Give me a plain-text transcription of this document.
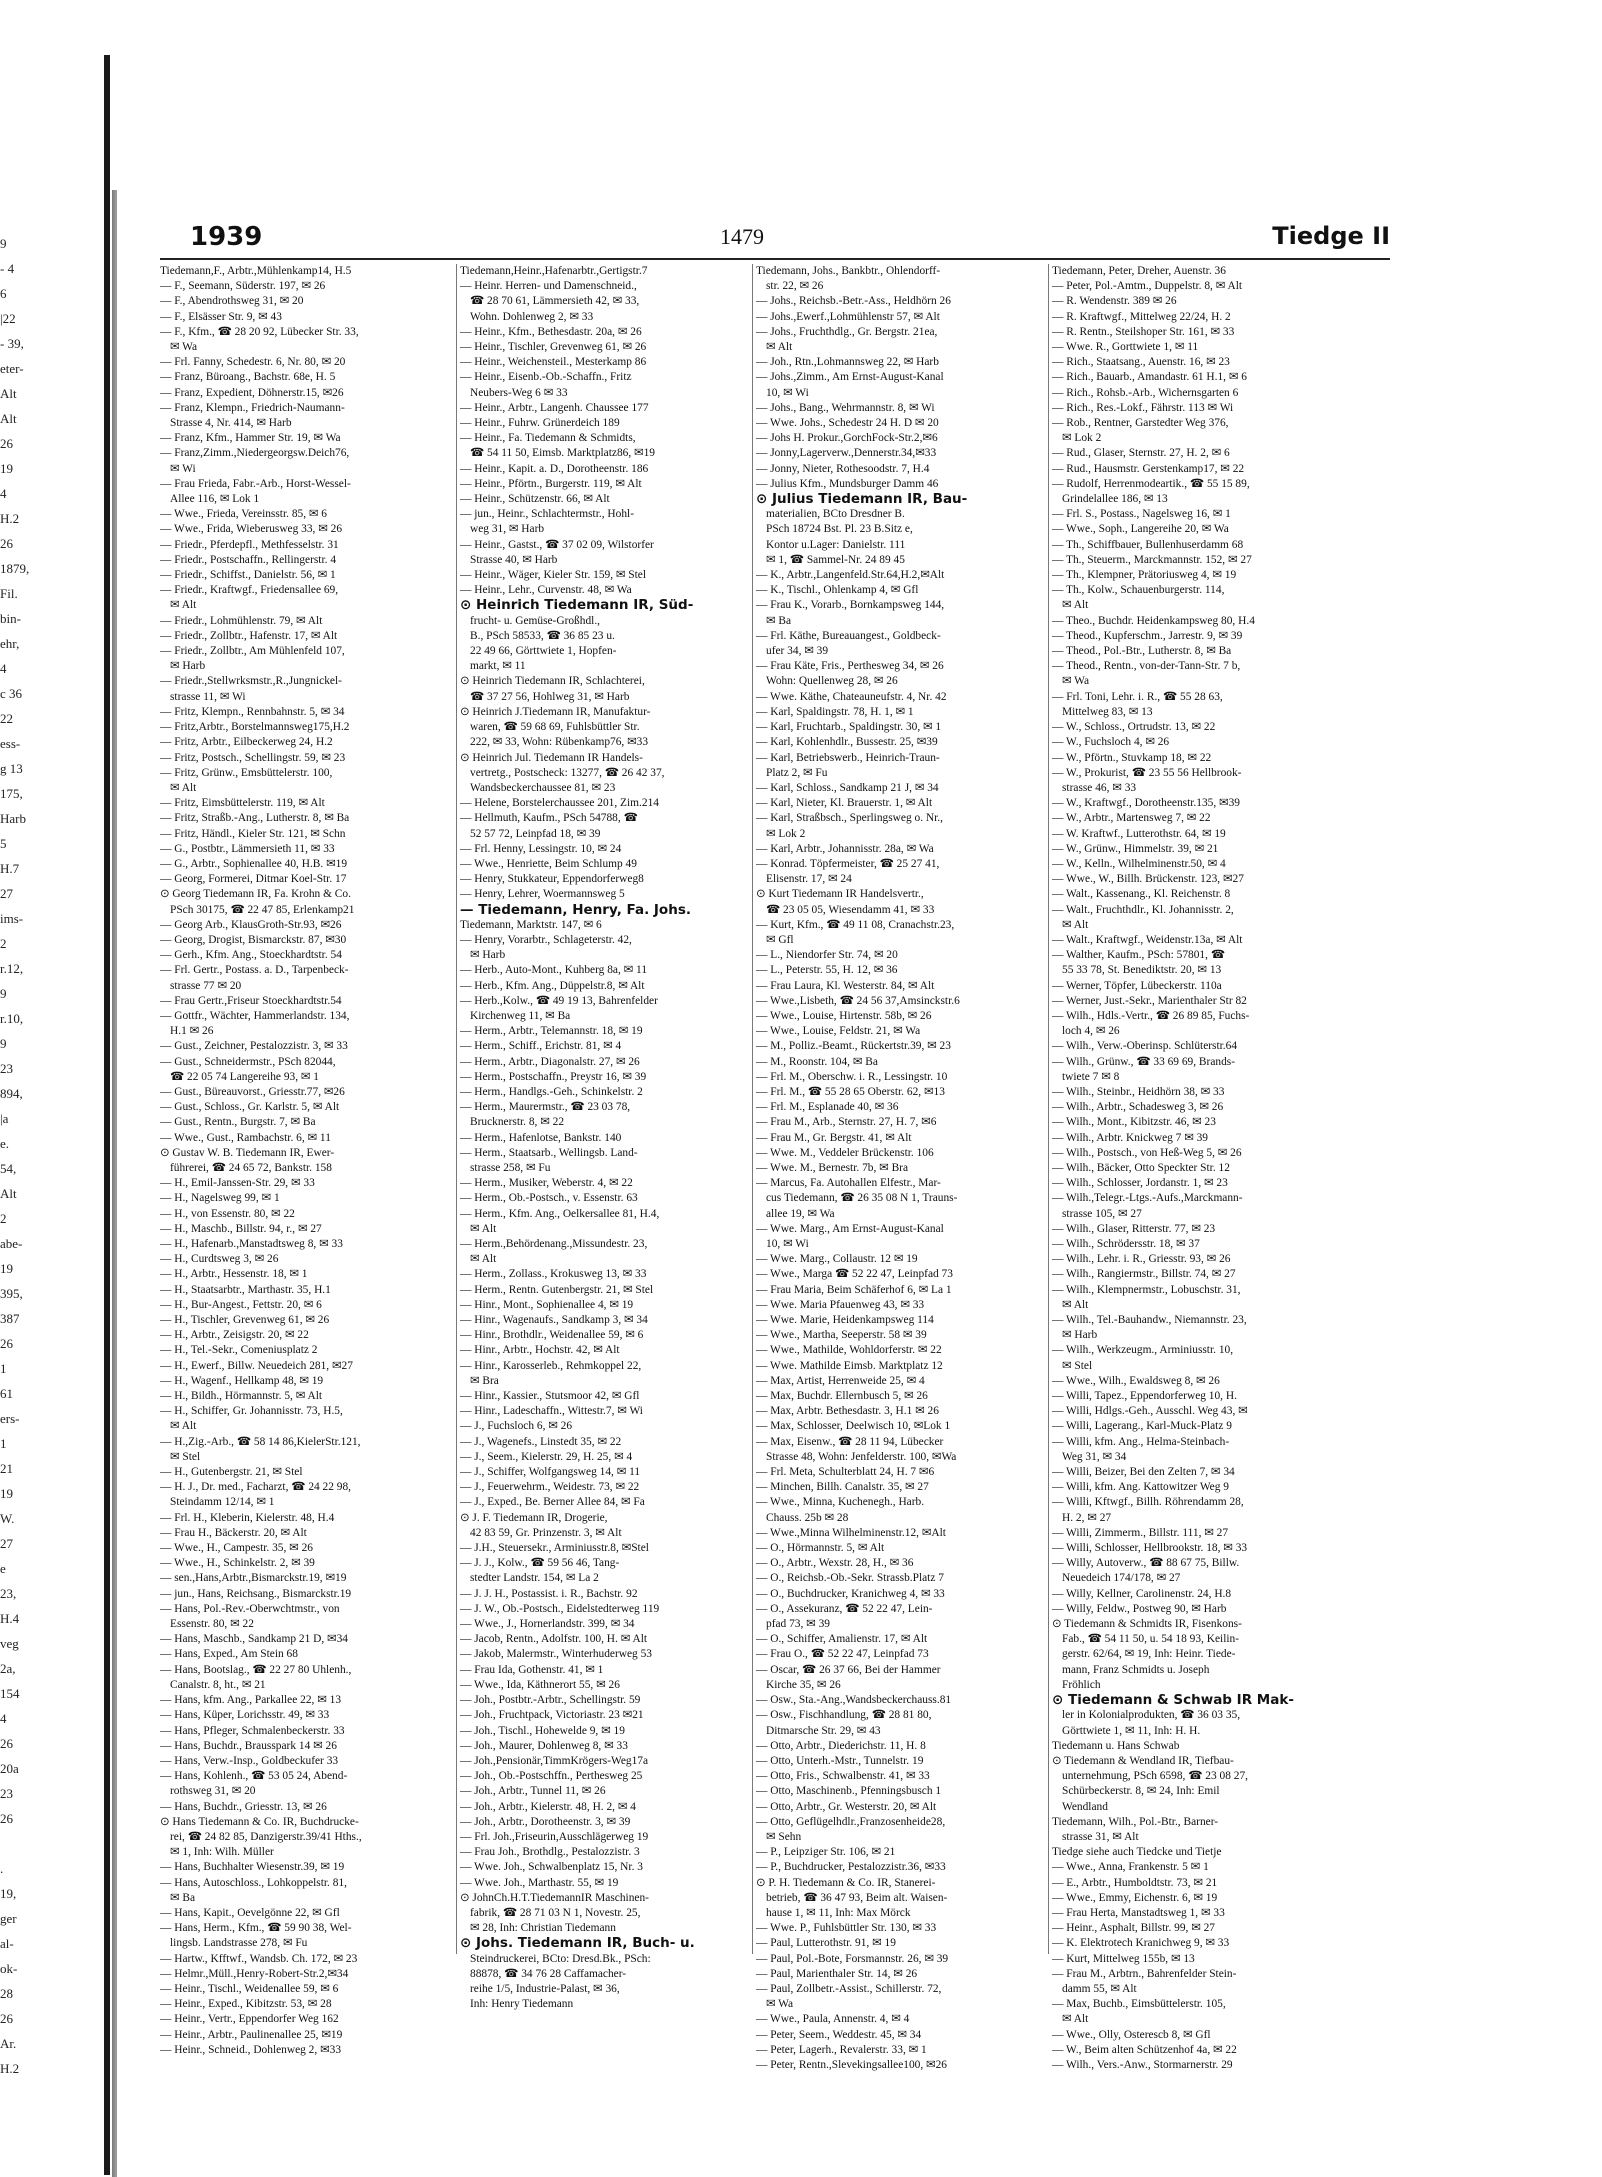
9
- 4
6
|22
- 39,
eter-
Alt
Alt
26
19
4
H.2
26
1879,
Fil.
bin-
ehr,
4
c 36
22
ess-
g 13
175,
Harb
5
H.7
27
ims-
2
r.12,
9
r.10,
9
23
894,
|a
e.
54,
Alt
2
abe-
19
395,
387
26
1
61
ers-
1
21
19
W.
27
e
23,
H.4
veg
2a,
154
4
26
20a
23
26
.
19,
ger
al-
ok-
28
26
Ar.
H.2
1939	1479	Tiedge II
Tiedemann,F., Arbtr.,Mühlenkamp14, H.5
— F., Seemann, Süderstr. 197, ✉ 26
— F., Abendrothsweg 31, ✉ 20
— F., Elsässer Str. 9, ✉ 43
— F., Kfm., ☎ 28 20 92, Lübecker Str. 33,
✉ Wa
— Frl. Fanny, Schedestr. 6, Nr. 80, ✉ 20
— Franz, Büroang., Bachstr. 68e, H. 5
— Franz, Expedient, Döhnerstr.15, ✉26
— Franz, Klempn., Friedrich-Naumann-
Strasse 4, Nr. 414, ✉ Harb
— Franz, Kfm., Hammer Str. 19, ✉ Wa
— Franz,Zimm.,Niedergeorgsw.Deich76,
✉ Wi
— Frau Frieda, Fabr.-Arb., Horst-Wessel-
Allee 116, ✉ Lok 1
— Wwe., Frieda, Vereinsstr. 85, ✉ 6
— Wwe., Frida, Wieberusweg 33, ✉ 26
— Friedr., Pferdepfl., Methfesselstr. 31
— Friedr., Postschaffn., Rellingerstr. 4
— Friedr., Schiffst., Danielstr. 56, ✉ 1
— Friedr., Kraftwgf., Friedensallee 69,
✉ Alt
— Friedr., Lohmühlenstr. 79, ✉ Alt
— Friedr., Zollbtr., Hafenstr. 17, ✉ Alt
— Friedr., Zollbtr., Am Mühlenfeld 107,
✉ Harb
— Friedr.,Stellwrksmstr.,R.,Jungnickel-
strasse 11, ✉ Wi
— Fritz, Klempn., Rennbahnstr. 5, ✉ 34
— Fritz,Arbtr., Borstelmannsweg175,H.2
— Fritz, Arbtr., Eilbeckerweg 24, H.2
— Fritz, Postsch., Schellingstr. 59, ✉ 23
— Fritz, Grünw., Emsbüttelerstr. 100,
✉ Alt
— Fritz, Eimsbüttelerstr. 119, ✉ Alt
— Fritz, Straßb.-Ang., Lutherstr. 8, ✉ Ba
— Fritz, Händl., Kieler Str. 121, ✉ Schn
— G., Postbtr., Lämmersieth 11, ✉ 33
— G., Arbtr., Sophienallee 40, H.B. ✉19
— Georg, Formerei, Ditmar Koel-Str. 17
⊙ Georg Tiedemann IR, Fa. Krohn & Co.
PSch 30175, ☎ 22 47 85, Erlenkamp21
— Georg Arb., KlausGroth-Str.93, ✉26
— Georg, Drogist, Bismarckstr. 87, ✉30
— Gerh., Kfm. Ang., Stoeckhardtstr. 54
— Frl. Gertr., Postass. a. D., Tarpenbeck-
strasse 77 ✉ 20
— Frau Gertr.,Friseur Stoeckhardtstr.54
— Gottfr., Wächter, Hammerlandstr. 134,
H.1 ✉ 26
— Gust., Zeichner, Pestalozzistr. 3, ✉ 33
— Gust., Schneidermstr., PSch 82044,
☎ 22 05 74 Langereihe 93, ✉ 1
— Gust., Büreauvorst., Griesstr.77, ✉26
— Gust., Schloss., Gr. Karlstr. 5, ✉ Alt
— Gust., Rentn., Burgstr. 7, ✉ Ba
— Wwe., Gust., Rambachstr. 6, ✉ 11
⊙ Gustav W. B. Tiedemann IR, Ewer-
führerei, ☎ 24 65 72, Bankstr. 158
— H., Emil-Janssen-Str. 29, ✉ 33
— H., Nagelsweg 99, ✉ 1
— H., von Essenstr. 80, ✉ 22
— H., Maschb., Billstr. 94, r., ✉ 27
— H., Hafenarb.,Manstadtsweg 8, ✉ 33
— H., Curdtsweg 3, ✉ 26
— H., Arbtr., Hessenstr. 18, ✉ 1
— H., Staatsarbtr., Marthastr. 35, H.1
— H., Bur-Angest., Fettstr. 20, ✉ 6
— H., Tischler, Grevenweg 61, ✉ 26
— H., Arbtr., Zeisigstr. 20, ✉ 22
— H., Tel.-Sekr., Comeniusplatz 2
— H., Ewerf., Billw. Neuedeich 281, ✉27
— H., Wagenf., Hellkamp 48, ✉ 19
— H., Bildh., Hörmannstr. 5, ✉ Alt
— H., Schiffer, Gr. Johannisstr. 73, H.5,
✉ Alt
— H.,Zig.-Arb., ☎ 58 14 86,KielerStr.121,
✉ Stel
— H., Gutenbergstr. 21, ✉ Stel
— H. J., Dr. med., Facharzt, ☎ 24 22 98,
Steindamm 12/14, ✉ 1
— Frl. H., Kleberin, Kielerstr. 48, H.4
— Frau H., Bäckerstr. 20, ✉ Alt
— Wwe., H., Campestr. 35, ✉ 26
— Wwe., H., Schinkelstr. 2, ✉ 39
— sen.,Hans,Arbtr.,Bismarckstr.19, ✉19
— jun., Hans, Reichsang., Bismarckstr.19
— Hans, Pol.-Rev.-Oberwchtmstr., von
Essenstr. 80, ✉ 22
— Hans, Maschb., Sandkamp 21 D, ✉34
— Hans, Exped., Am Stein 68
— Hans, Bootslag., ☎ 22 27 80 Uhlenh.,
Canalstr. 8, ht., ✉ 21
— Hans, kfm. Ang., Parkallee 22, ✉ 13
— Hans, Küper, Lorichsstr. 49, ✉ 33
— Hans, Pfleger, Schmalenbeckerstr. 33
— Hans, Buchdr., Brausspark 14 ✉ 26
— Hans, Verw.-Insp., Goldbeckufer 33
— Hans, Kohlenh., ☎ 53 05 24, Abend-
rothsweg 31, ✉ 20
— Hans, Buchdr., Griesstr. 13, ✉ 26
⊙ Hans Tiedemann & Co. IR, Buchdrucke-
rei, ☎ 24 82 85, Danzigerstr.39/41 Hths.,
✉ 1, Inh: Wilh. Müller
— Hans, Buchhalter Wiesenstr.39, ✉ 19
— Hans, Autoschloss., Lohkoppelstr. 81,
✉ Ba
— Hans, Kapit., Oevelgönne 22, ✉ Gfl
— Hans, Herm., Kfm., ☎ 59 90 38, Wel-
lingsb. Landstrasse 278, ✉ Fu
— Hartw., Kfftwf., Wandsb. Ch. 172, ✉ 23
— Helmr.,Müll.,Henry-Robert-Str.2,✉34
— Heinr., Tischl., Weidenallee 59, ✉ 6
— Heinr., Exped., Kibitzstr. 53, ✉ 28
— Heinr., Vertr., Eppendorfer Weg 162
— Heinr., Arbtr., Paulinenallee 25, ✉19
— Heinr., Schneid., Dohlenweg 2, ✉33
Tiedemann,Heinr.,Hafenarbtr.,Gertigstr.7
— Heinr. Herren- und Damenschneid.,
☎ 28 70 61, Lämmersieth 42, ✉ 33,
Wohn. Dohlenweg 2, ✉ 33
— Heinr., Kfm., Bethesdastr. 20a, ✉ 26
— Heinr., Tischler, Grevenweg 61, ✉ 26
— Heinr., Weichensteil., Mesterkamp 86
— Heinr., Eisenb.-Ob.-Schaffn., Fritz
Neubers-Weg 6 ✉ 33
— Heinr., Arbtr., Langenh. Chaussee 177
— Heinr., Fuhrw. Grünerdeich 189
— Heinr., Fa. Tiedemann & Schmidts,
☎ 54 11 50, Eimsb. Marktplatz86, ✉19
— Heinr., Kapit. a. D., Dorotheenstr. 186
— Heinr., Pförtn., Burgerstr. 119, ✉ Alt
— Heinr., Schützenstr. 66, ✉ Alt
— jun., Heinr., Schlachtermstr., Hohl-
weg 31, ✉ Harb
— Heinr., Gastst., ☎ 37 02 09, Wilstorfer
Strasse 40, ✉ Harb
— Heinr., Wäger, Kieler Str. 159, ✉ Stel
— Heinr., Lehr., Curvenstr. 48, ✉ Wa
⊙ Heinrich Tiedemann IR, Süd-
frucht- u. Gemüse-Großhdl.,
B., PSch 58533, ☎ 36 85 23 u.
22 49 66, Görttwiete 1, Hopfen-
markt, ✉ 11
⊙ Heinrich Tiedemann IR, Schlachterei,
☎ 37 27 56, Hohlweg 31, ✉ Harb
⊙ Heinrich J.Tiedemann IR, Manufaktur-
waren, ☎ 59 68 69, Fuhlsbüttler Str.
222, ✉ 33, Wohn: Rübenkamp76, ✉33
⊙ Heinrich Jul. Tiedemann IR Handels-
vertretg., Postscheck: 13277, ☎ 26 42 37,
Wandsbeckerchaussee 81, ✉ 23
— Helene, Borstelerchaussee 201, Zim.214
— Hellmuth, Kaufm., PSch 54788, ☎
52 57 72, Leinpfad 18, ✉ 39
— Frl. Henny, Lessingstr. 10, ✉ 24
— Wwe., Henriette, Beim Schlump 49
— Henry, Stukkateur, Eppendorferweg8
— Henry, Lehrer, Woermannsweg 5
— Tiedemann, Henry, Fa. Johs.
Tiedemann, Marktstr. 147, ✉ 6
— Henry, Vorarbtr., Schlageterstr. 42,
✉ Harb
— Herb., Auto-Mont., Kuhberg 8a, ✉ 11
— Herb., Kfm. Ang., Düppelstr.8, ✉ Alt
— Herb.,Kolw., ☎ 49 19 13, Bahrenfelder
Kirchenweg 11, ✉ Ba
— Herm., Arbtr., Telemannstr. 18, ✉ 19
— Herm., Schiff., Erichstr. 81, ✉ 4
— Herm., Arbtr., Diagonalstr. 27, ✉ 26
— Herm., Postschaffn., Preystr 16, ✉ 39
— Herm., Handlgs.-Geh., Schinkelstr. 2
— Herm., Maurermstr., ☎ 23 03 78,
Brucknerstr. 8, ✉ 22
— Herm., Hafenlotse, Bankstr. 140
— Herm., Staatsarb., Wellingsb. Land-
strasse 258, ✉ Fu
— Herm., Musiker, Weberstr. 4, ✉ 22
— Herm., Ob.-Postsch., v. Essenstr. 63
— Herm., Kfm. Ang., Oelkersallee 81, H.4,
✉ Alt
— Herm.,Behördenang.,Missundestr. 23,
✉ Alt
— Herm., Zollass., Krokusweg 13, ✉ 33
— Herm., Rentn. Gutenbergstr. 21, ✉ Stel
— Hinr., Mont., Sophienallee 4, ✉ 19
— Hinr., Wagenaufs., Sandkamp 3, ✉ 34
— Hinr., Brothdlr., Weidenallee 59, ✉ 6
— Hinr., Arbtr., Hochstr. 42, ✉ Alt
— Hinr., Karosserleb., Rehmkoppel 22,
✉ Bra
— Hinr., Kassier., Stutsmoor 42, ✉ Gfl
— Hinr., Ladeschaffn., Wittestr.7, ✉ Wi
— J., Fuchsloch 6, ✉ 26
— J., Wagenefs., Linstedt 35, ✉ 22
— J., Seem., Kielerstr. 29, H. 25, ✉ 4
— J., Schiffer, Wolfgangsweg 14, ✉ 11
— J., Feuerwehrm., Weidestr. 73, ✉ 22
— J., Exped., Be. Berner Allee 84, ✉ Fa
⊙ J. F. Tiedemann IR, Drogerie,
42 83 59, Gr. Prinzenstr. 3, ✉ Alt
— J.H., Steuersekr., Arminiusstr.8, ✉Stel
— J. J., Kolw., ☎ 59 56 46, Tang-
stedter Landstr. 154, ✉ La 2
— J. J. H., Postassist. i. R., Bachstr. 92
— J. W., Ob.-Postsch., Eidelstedterweg 119
— Wwe., J., Hornerlandstr. 399, ✉ 34
— Jacob, Rentn., Adolfstr. 100, H. ✉ Alt
— Jakob, Malermstr., Winterhuderweg 53
— Frau Ida, Gothenstr. 41, ✉ 1
— Wwe., Ida, Käthnerort 55, ✉ 26
— Joh., Postbtr.-Arbtr., Schellingstr. 59
— Joh., Fruchtpack, Victoriastr. 23 ✉21
— Joh., Tischl., Hohewelde 9, ✉ 19
— Joh., Maurer, Dohlenweg 8, ✉ 33
— Joh.,Pensionär,TimmKrögers-Weg17a
— Joh., Ob.-Postschffn., Perthesweg 25
— Joh., Arbtr., Tunnel 11, ✉ 26
— Joh., Arbtr., Kielerstr. 48, H. 2, ✉ 4
— Joh., Arbtr., Dorotheenstr. 3, ✉ 39
— Frl. Joh.,Friseurin,Ausschlägerweg 19
— Frau Joh., Brothdlg., Pestalozzistr. 3
— Wwe. Joh., Schwalbenplatz 15, Nr. 3
— Wwe. Joh., Marthastr. 55, ✉ 19
⊙ JohnCh.H.T.TiedemannIR Maschinen-
fabrik, ☎ 28 71 03 N 1, Novestr. 25,
✉ 28, Inh: Christian Tiedemann
⊙ Johs. Tiedemann IR, Buch- u.
Steindruckerei, BCto: Dresd.Bk., PSch:
88878, ☎ 34 76 28 Caffamacher-
reihe 1/5, Industrie-Palast, ✉ 36,
Inh: Henry Tiedemann
Tiedemann, Johs., Bankbtr., Ohlendorff-
str. 22, ✉ 26
— Johs., Reichsb.-Betr.-Ass., Heldhörn 26
— Johs.,Ewerf.,Lohmühlenstr 57, ✉ Alt
— Johs., Fruchthdlg., Gr. Bergstr. 21ea,
✉ Alt
— Joh., Rtn.,Lohmannsweg 22, ✉ Harb
— Johs.,Zimm., Am Ernst-August-Kanal
10, ✉ Wi
— Johs., Bang., Wehrmannstr. 8, ✉ Wi
— Wwe. Johs., Schedestr 24 H. D ✉ 20
— Johs H. Prokur.,GorchFock-Str.2,✉6
— Jonny,Lagerverw.,Dennerstr.34,✉33
— Jonny, Nieter, Rothesoodstr. 7, H.4
— Julius Kfm., Mundsburger Damm 46
⊙ Julius Tiedemann IR, Bau-
materialien, BCto Dresdner B.
PSch 18724 Bst. Pl. 23 B.Sitz e,
Kontor u.Lager: Danielstr. 111
✉ 1, ☎ Sammel-Nr. 24 89 45
— K., Arbtr.,Langenfeld.Str.64,H.2,✉Alt
— K., Tischl., Ohlenkamp 4, ✉ Gfl
— Frau K., Vorarb., Bornkampsweg 144,
✉ Ba
— Frl. Käthe, Bureauangest., Goldbeck-
ufer 34, ✉ 39
— Frau Käte, Fris., Perthesweg 34, ✉ 26
Wohn: Quellenweg 28, ✉ 26
— Wwe. Käthe, Chateauneufstr. 4, Nr. 42
— Karl, Spaldingstr. 78, H. 1, ✉ 1
— Karl, Fruchtarb., Spaldingstr. 30, ✉ 1
— Karl, Kohlenhdlr., Bussestr. 25, ✉39
— Karl, Betriebswerb., Heinrich-Traun-
Platz 2, ✉ Fu
— Karl, Schloss., Sandkamp 21 J, ✉ 34
— Karl, Nieter, Kl. Brauerstr. 1, ✉ Alt
— Karl, Straßbsch., Sperlingsweg o. Nr.,
✉ Lok 2
— Karl, Arbtr., Johannisstr. 28a, ✉ Wa
— Konrad. Töpfermeister, ☎ 25 27 41,
Elisenstr. 17, ✉ 24
⊙ Kurt Tiedemann IR Handelsvertr.,
☎ 23 05 05, Wiesendamm 41, ✉ 33
— Kurt, Kfm., ☎ 49 11 08, Cranachstr.23,
✉ Gfl
— L., Niendorfer Str. 74, ✉ 20
— L., Peterstr. 55, H. 12, ✉ 36
— Frau Laura, Kl. Westerstr. 84, ✉ Alt
— Wwe.,Lisbeth, ☎ 24 56 37,Amsinckstr.6
— Wwe., Louise, Hirtenstr. 58b, ✉ 26
— Wwe., Louise, Feldstr. 21, ✉ Wa
— M., Polliz.-Beamt., Rückertstr.39, ✉ 23
— M., Roonstr. 104, ✉ Ba
— Frl. M., Oberschw. i. R., Lessingstr. 10
— Frl. M., ☎ 55 28 65 Oberstr. 62, ✉13
— Frl. M., Esplanade 40, ✉ 36
— Frau M., Arb., Sternstr. 27, H. 7, ✉6
— Frau M., Gr. Bergstr. 41, ✉ Alt
— Wwe. M., Veddeler Brückenstr. 106
— Wwe. M., Bernestr. 7b, ✉ Bra
— Marcus, Fa. Autohallen Elfestr., Mar-
cus Tiedemann, ☎ 26 35 08 N 1, Trauns-
allee 19, ✉ Wa
— Wwe. Marg., Am Ernst-August-Kanal
10, ✉ Wi
— Wwe. Marg., Collaustr. 12 ✉ 19
— Wwe., Marga ☎ 52 22 47, Leinpfad 73
— Frau Maria, Beim Schäferhof 6, ✉ La 1
— Wwe. Maria Pfauenweg 43, ✉ 33
— Wwe. Marie, Heidenkampsweg 114
— Wwe., Martha, Seeperstr. 58 ✉ 39
— Wwe., Mathilde, Wohldorferstr. ✉ 22
— Wwe. Mathilde Eimsb. Marktplatz 12
— Max, Artist, Herrenweide 25, ✉ 4
— Max, Buchdr. Ellernbusch 5, ✉ 26
— Max, Arbtr. Bethesdastr. 3, H.1 ✉ 26
— Max, Schlosser, Deelwisch 10, ✉Lok 1
— Max, Eisenw., ☎ 28 11 94, Lübecker
Strasse 48, Wohn: Jenfelderstr. 100, ✉Wa
— Frl. Meta, Schulterblatt 24, H. 7 ✉6
— Minchen, Billh. Canalstr. 35, ✉ 27
— Wwe., Minna, Kuchenegh., Harb.
Chauss. 25b ✉ 28
— Wwe.,Minna Wilhelminenstr.12, ✉Alt
— O., Hörmannstr. 5, ✉ Alt
— O., Arbtr., Wexstr. 28, H., ✉ 36
— O., Reichsb.-Ob.-Sekr. Strassb.Platz 7
— O., Buchdrucker, Kranichweg 4, ✉ 33
— O., Assekuranz, ☎ 52 22 47, Lein-
pfad 73, ✉ 39
— O., Schiffer, Amalienstr. 17, ✉ Alt
— Frau O., ☎ 52 22 47, Leinpfad 73
— Oscar, ☎ 26 37 66, Bei der Hammer
Kirche 35, ✉ 26
— Osw., Sta.-Ang.,Wandsbeckerchauss.81
— Osw., Fischhandlung, ☎ 28 81 80,
Ditmarsche Str. 29, ✉ 43
— Otto, Arbtr., Diederichstr. 11, H. 8
— Otto, Unterh.-Mstr., Tunnelstr. 19
— Otto, Fris., Schwalbenstr. 41, ✉ 33
— Otto, Maschinenb., Pfenningsbusch 1
— Otto, Arbtr., Gr. Westerstr. 20, ✉ Alt
— Otto, Geflügelhdlr.,Franzosenheide28,
✉ Sehn
— P., Leipziger Str. 106, ✉ 21
— P., Buchdrucker, Pestalozzistr.36, ✉33
⊙ P. H. Tiedemann & Co. IR, Stanerei-
betrieb, ☎ 36 47 93, Beim alt. Waisen-
hause 1, ✉ 11, Inh: Max Mörck
— Wwe. P., Fuhlsbüttler Str. 130, ✉ 33
— Paul, Lutterothstr. 91, ✉ 19
— Paul, Pol.-Bote, Forsmannstr. 26, ✉ 39
— Paul, Marienthaler Str. 14, ✉ 26
— Paul, Zollbetr.-Assist., Schillerstr. 72,
✉ Wa
— Wwe., Paula, Annenstr. 4, ✉ 4
— Peter, Seem., Weddestr. 45, ✉ 34
— Peter, Lagerh., Revalerstr. 33, ✉ 1
— Peter, Rentn.,Slevekingsallee100, ✉26
Tiedemann, Peter, Dreher, Auenstr. 36
— Peter, Pol.-Amtm., Duppelstr. 8, ✉ Alt
— R. Wendenstr. 389 ✉ 26
— R. Kraftwgf., Mittelweg 22/24, H. 2
— R. Rentn., Steilshoper Str. 161, ✉ 33
— Wwe. R., Gorttwiete 1, ✉ 11
— Rich., Staatsang., Auenstr. 16, ✉ 23
— Rich., Bauarb., Amandastr. 61 H.1, ✉ 6
— Rich., Rohsb.-Arb., Wichernsgarten 6
— Rich., Res.-Lokf., Fährstr. 113 ✉ Wi
— Rob., Rentner, Garstedter Weg 376,
✉ Lok 2
— Rud., Glaser, Sternstr. 27, H. 2, ✉ 6
— Rud., Hausmstr. Gerstenkamp17, ✉ 22
— Rudolf, Herrenmodeartik., ☎ 55 15 89,
Grindelallee 186, ✉ 13
— Frl. S., Postass., Nagelsweg 16, ✉ 1
— Wwe., Soph., Langereihe 20, ✉ Wa
— Th., Schiffbauer, Bullenhuserdamm 68
— Th., Steuerm., Marckmannstr. 152, ✉ 27
— Th., Klempner, Prätoriusweg 4, ✉ 19
— Th., Kolw., Schauenburgerstr. 114,
✉ Alt
— Theo., Buchdr. Heidenkampsweg 80, H.4
— Theod., Kupferschm., Jarrestr. 9, ✉ 39
— Theod., Pol.-Btr., Lutherstr. 8, ✉ Ba
— Theod., Rentn., von-der-Tann-Str. 7 b,
✉ Wa
— Frl. Toni, Lehr. i. R., ☎ 55 28 63,
Mittelweg 83, ✉ 13
— W., Schloss., Ortrudstr. 13, ✉ 22
— W., Fuchsloch 4, ✉ 26
— W., Pförtn., Stuvkamp 18, ✉ 22
— W., Prokurist, ☎ 23 55 56 Hellbrook-
strasse 46, ✉ 33
— W., Kraftwgf., Dorotheenstr.135, ✉39
— W., Arbtr., Martensweg 7, ✉ 22
— W. Kraftwf., Lutterothstr. 64, ✉ 19
— W., Grünw., Himmelstr. 39, ✉ 21
— W., Kelln., Wilhelminenstr.50, ✉ 4
— Wwe., W., Billh. Brückenstr. 123, ✉27
— Walt., Kassenang., Kl. Reichenstr. 8
— Walt., Fruchthdlr., Kl. Johannisstr. 2,
✉ Alt
— Walt., Kraftwgf., Weidenstr.13a, ✉ Alt
— Walther, Kaufm., PSch: 57801, ☎
55 33 78, St. Benediktstr. 20, ✉ 13
— Werner, Töpfer, Lübeckerstr. 110a
— Werner, Just.-Sekr., Marienthaler Str 82
— Wilh., Hdls.-Vertr., ☎ 26 89 85, Fuchs-
loch 4, ✉ 26
— Wilh., Verw.-Oberinsp. Schlüterstr.64
— Wilh., Grünw., ☎ 33 69 69, Brands-
twiete 7 ✉ 8
— Wilh., Steinbr., Heidhörn 38, ✉ 33
— Wilh., Arbtr., Schadesweg 3, ✉ 26
— Wilh., Mont., Kibitzstr. 46, ✉ 23
— Wilh., Arbtr. Knickweg 7 ✉ 39
— Wilh., Postsch., von Heß-Weg 5, ✉ 26
— Wilh., Bäcker, Otto Speckter Str. 12
— Wilh., Schlosser, Jordanstr. 1, ✉ 23
— Wilh.,Telegr.-Ltgs.-Aufs.,Marckmann-
strasse 105, ✉ 27
— Wilh., Glaser, Ritterstr. 77, ✉ 23
— Wilh., Schrödersstr. 18, ✉ 37
— Wilh., Lehr. i. R., Griesstr. 93, ✉ 26
— Wilh., Rangiermstr., Billstr. 74, ✉ 27
— Wilh., Klempnermstr., Lobuschstr. 31,
✉ Alt
— Wilh., Tel.-Bauhandw., Niemannstr. 23,
✉ Harb
— Wilh., Werkzeugm., Arminiusstr. 10,
✉ Stel
— Wwe., Wilh., Ewaldsweg 8, ✉ 26
— Willi, Tapez., Eppendorferweg 10, H.
— Willi, Hdlgs.-Geh., Ausschl. Weg 43, ✉
— Willi, Lagerang., Karl-Muck-Platz 9
— Willi, kfm. Ang., Helma-Steinbach-
Weg 31, ✉ 34
— Willi, Beizer, Bei den Zelten 7, ✉ 34
— Willi, kfm. Ang. Kattowitzer Weg 9
— Willi, Kftwgf., Billh. Röhrendamm 28,
H. 2, ✉ 27
— Willi, Zimmerm., Billstr. 111, ✉ 27
— Willi, Schlosser, Hellbrookstr. 18, ✉ 33
— Willy, Autoverw., ☎ 88 67 75, Billw.
Neuedeich 174/178, ✉ 27
— Willy, Kellner, Carolinenstr. 24, H.8
— Willy, Feldw., Postweg 90, ✉ Harb
⊙ Tiedemann & Schmidts IR, Fisenkons-
Fab., ☎ 54 11 50, u. 54 18 93, Keilin-
gerstr. 62/64, ✉ 19, Inh: Heinr. Tiede-
mann, Franz Schmidts u. Joseph
Fröhlich
⊙ Tiedemann & Schwab IR Mak-
ler in Kolonialprodukten, ☎ 36 03 35,
Görttwiete 1, ✉ 11, Inh: H. H.
Tiedemann u. Hans Schwab
⊙ Tiedemann & Wendland IR, Tiefbau-
unternehmung, PSch 6598, ☎ 23 08 27,
Schürbeckerstr. 8, ✉ 24, Inh: Emil
Wendland
Tiedemann, Wilh., Pol.-Btr., Barner-
strasse 31, ✉ Alt
Tiedge siehe auch Tiedcke und Tietje
— Wwe., Anna, Frankenstr. 5 ✉ 1
— E., Arbtr., Humboldtstr. 73, ✉ 21
— Wwe., Emmy, Eichenstr. 6, ✉ 19
— Frau Herta, Manstadtsweg 1, ✉ 33
— Heinr., Asphalt, Billstr. 99, ✉ 27
— K. Elektrotech Kranichweg 9, ✉ 33
— Kurt, Mittelweg 155b, ✉ 13
— Frau M., Arbtrn., Bahrenfelder Stein-
damm 55, ✉ Alt
— Max, Buchb., Eimsbüttelerstr. 105,
✉ Alt
— Wwe., Olly, Osterescb 8, ✉ Gfl
— W., Beim alten Schützenhof 4a, ✉ 22
— Wilh., Vers.-Anw., Stormarnerstr. 29
